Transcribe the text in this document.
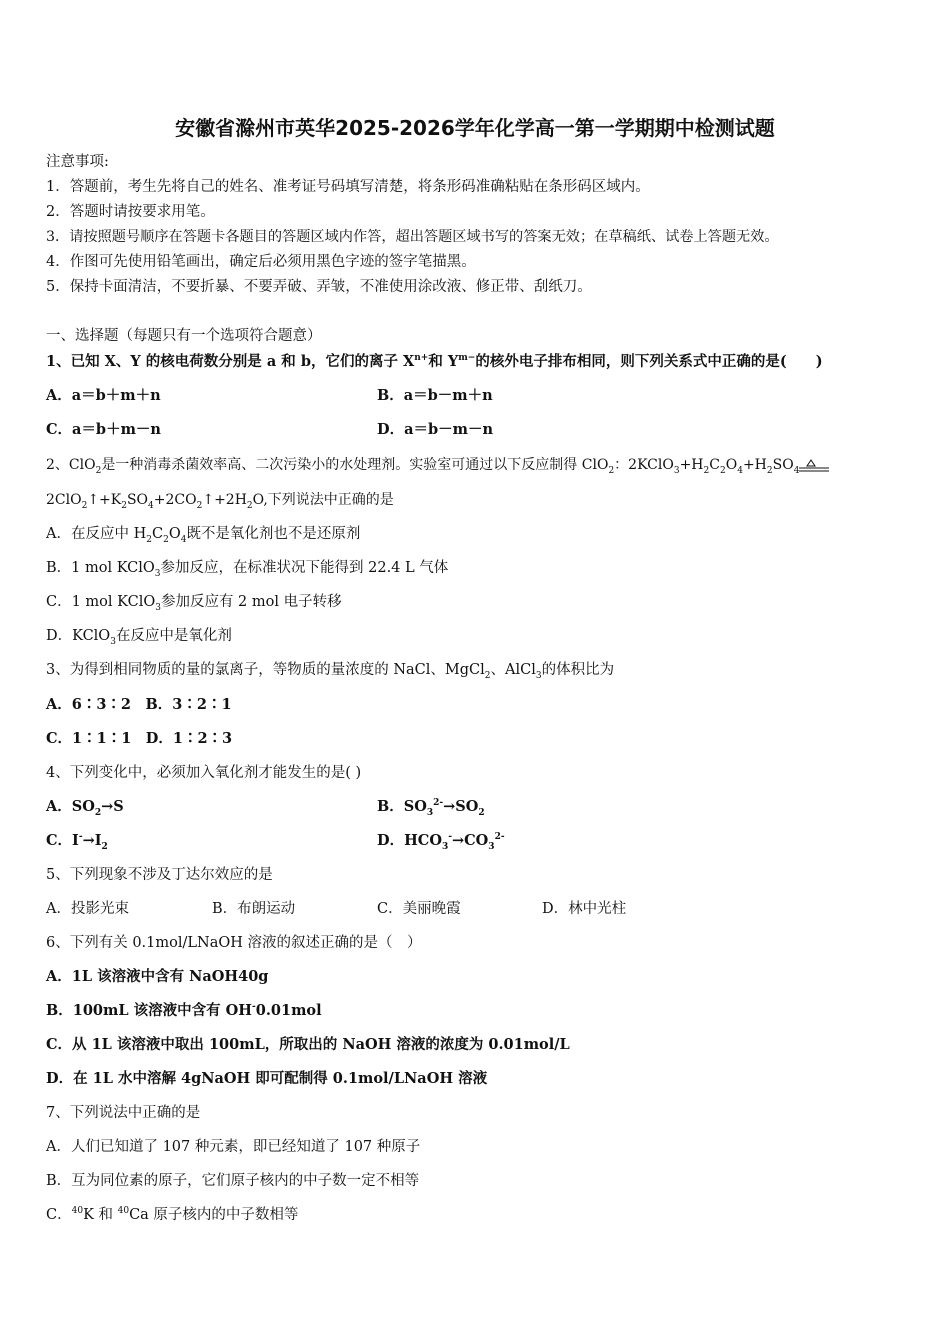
安徽省滁州市英华2025-2026学年化学高一第一学期期中检测试题
注意事项:
1．答题前，考生先将自己的姓名、准考证号码填写清楚，将条形码准确粘贴在条形码区域内。
2．答题时请按要求用笔。
3．请按照题号顺序在答题卡各题目的答题区域内作答，超出答题区域书写的答案无效；在草稿纸、试卷上答题无效。
4．作图可先使用铅笔画出，确定后必须用黑色字迹的签字笔描黑。
5．保持卡面清洁，不要折暴、不要弄破、弄皱，不准使用涂改液、修正带、刮纸刀。
一、选择题（每题只有一个选项符合题意）
1、已知 X、Y 的核电荷数分别是 a 和 b，它们的离子 $X^{n+}$和 $Y^{m-}$的核外电子排布相同，则下列关系式中正确的是(　　)
A．a＝b＋m＋n	B．a＝b－m＋n
C．a＝b＋m－n	D．a＝b－m－n
2、ClO$_2$是一种消毒杀菌效率高、二次污染小的水处理剂。实验室可通过以下反应制得 ClO$_2$：$2KClO_3+H_2C_2O_4+H_2SO_4$
$2ClO_2↑+K_2SO_4+2CO_2↑+2H_2O$,下列说法中正确的是
A．在反应中 $H_2C_2O_4$既不是氧化剂也不是还原剂
B．1 mol KClO$_3$参加反应，在标准状况下能得到 22.4 L 气体
C．1 mol KClO$_3$参加反应有 2 mol 电子转移
D．KClO$_3$在反应中是氧化剂
3、为得到相同物质的量的氯离子，等物质的量浓度的 NaCl、MgCl$_2$、AlCl$_3$的体积比为
A．6∶3∶2　B．3∶2∶1
C．1∶1∶1　D．1∶2∶3
4、下列变化中，必须加入氧化剂才能发生的是( )
A．$SO_2\to S$	B．$SO_3^{2-}\to SO_2$
C．$I^-\to I_2$	D．$HCO_3^-\to CO_3^{2-}$
5、下列现象不涉及丁达尔效应的是
A．投影光束	B．布朗运动	C．美丽晚霞	D．林中光柱
6、下列有关 0.1mol/LNaOH 溶液的叙述正确的是（　）
A．1L 该溶液中含有 NaOH40g
B．100mL 该溶液中含有 OH-0.01mol
C．从 1L 该溶液中取出 100mL，所取出的 NaOH 溶液的浓度为 0.01mol/L
D．在 1L 水中溶解 4gNaOH 即可配制得 0.1mol/LNaOH 溶液
7、下列说法中正确的是
A．人们已知道了 107 种元素，即已经知道了 107 种原子
B．互为同位素的原子，它们原子核内的中子数一定不相等
C．$^{40}$K 和 $^{40}$Ca 原子核内的中子数相等
